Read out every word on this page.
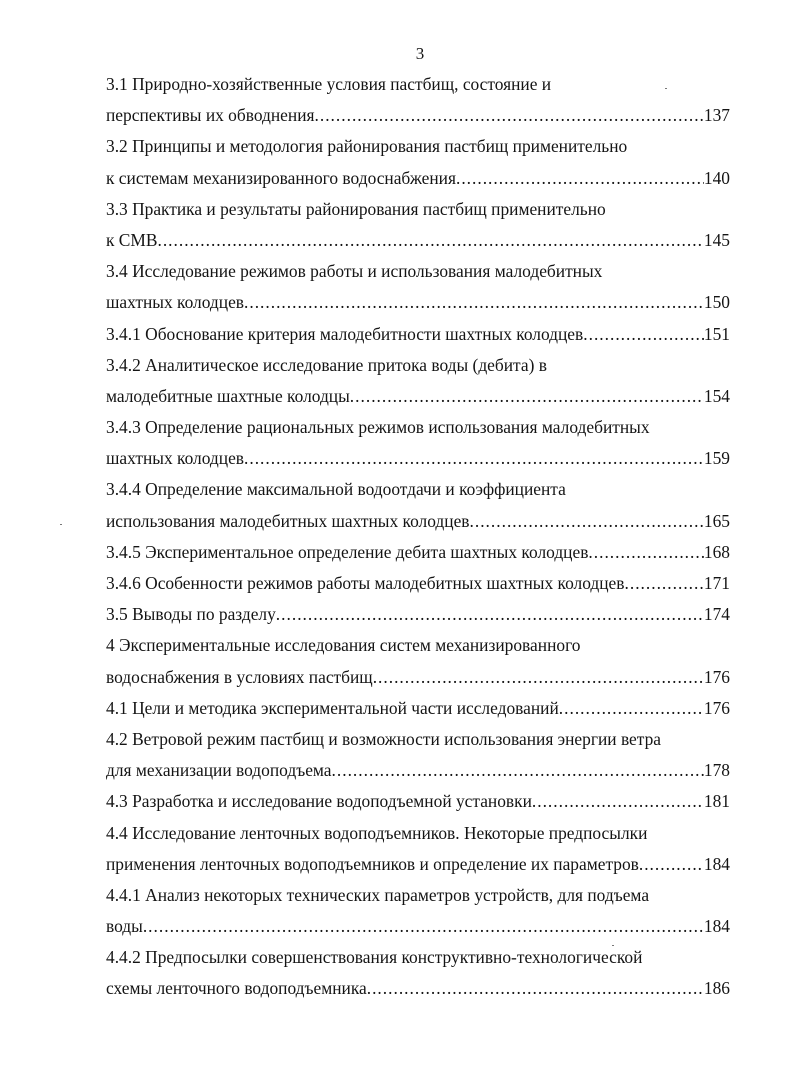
3
3.1 Природно-хозяйственные условия пастбищ, состояние и
перспективы их обводнения .....	137
3.2 Принципы и методология районирования пастбищ применительно
к системам механизированного водоснабжения .....	140
3.3 Практика и результаты районирования пастбищ применительно
к СМВ .....	145
3.4 Исследование режимов работы и использования малодебитных
шахтных колодцев .....	150
3.4.1 Обоснование критерия малодебитности шахтных колодцев .....	151
3.4.2 Аналитическое исследование притока воды (дебита) в
малодебитные шахтные колодцы .....	154
3.4.3 Определение рациональных режимов использования малодебитных
шахтных колодцев .....	159
3.4.4 Определение максимальной водоотдачи и коэффициента
использования малодебитных шахтных колодцев .....	165
3.4.5 Экспериментальное определение дебита шахтных колодцев .....	168
3.4.6 Особенности режимов работы малодебитных шахтных колодцев .....	171
3.5 Выводы по разделу .....	174
4 Экспериментальные исследования систем механизированного
водоснабжения в условиях пастбищ .....	176
4.1 Цели и методика экспериментальной части исследований .....	176
4.2 Ветровой режим пастбищ и возможности использования энергии ветра
для механизации водоподъема .....	178
4.3 Разработка и исследование водоподъемной установки .....	181
4.4 Исследование ленточных водоподъемников. Некоторые предпосылки
применения ленточных водоподъемников и определение их параметров .....	184
4.4.1 Анализ некоторых технических параметров устройств, для подъема
воды .....	184
4.4.2 Предпосылки совершенствования конструктивно-технологической
схемы ленточного водоподъемника .....	186
